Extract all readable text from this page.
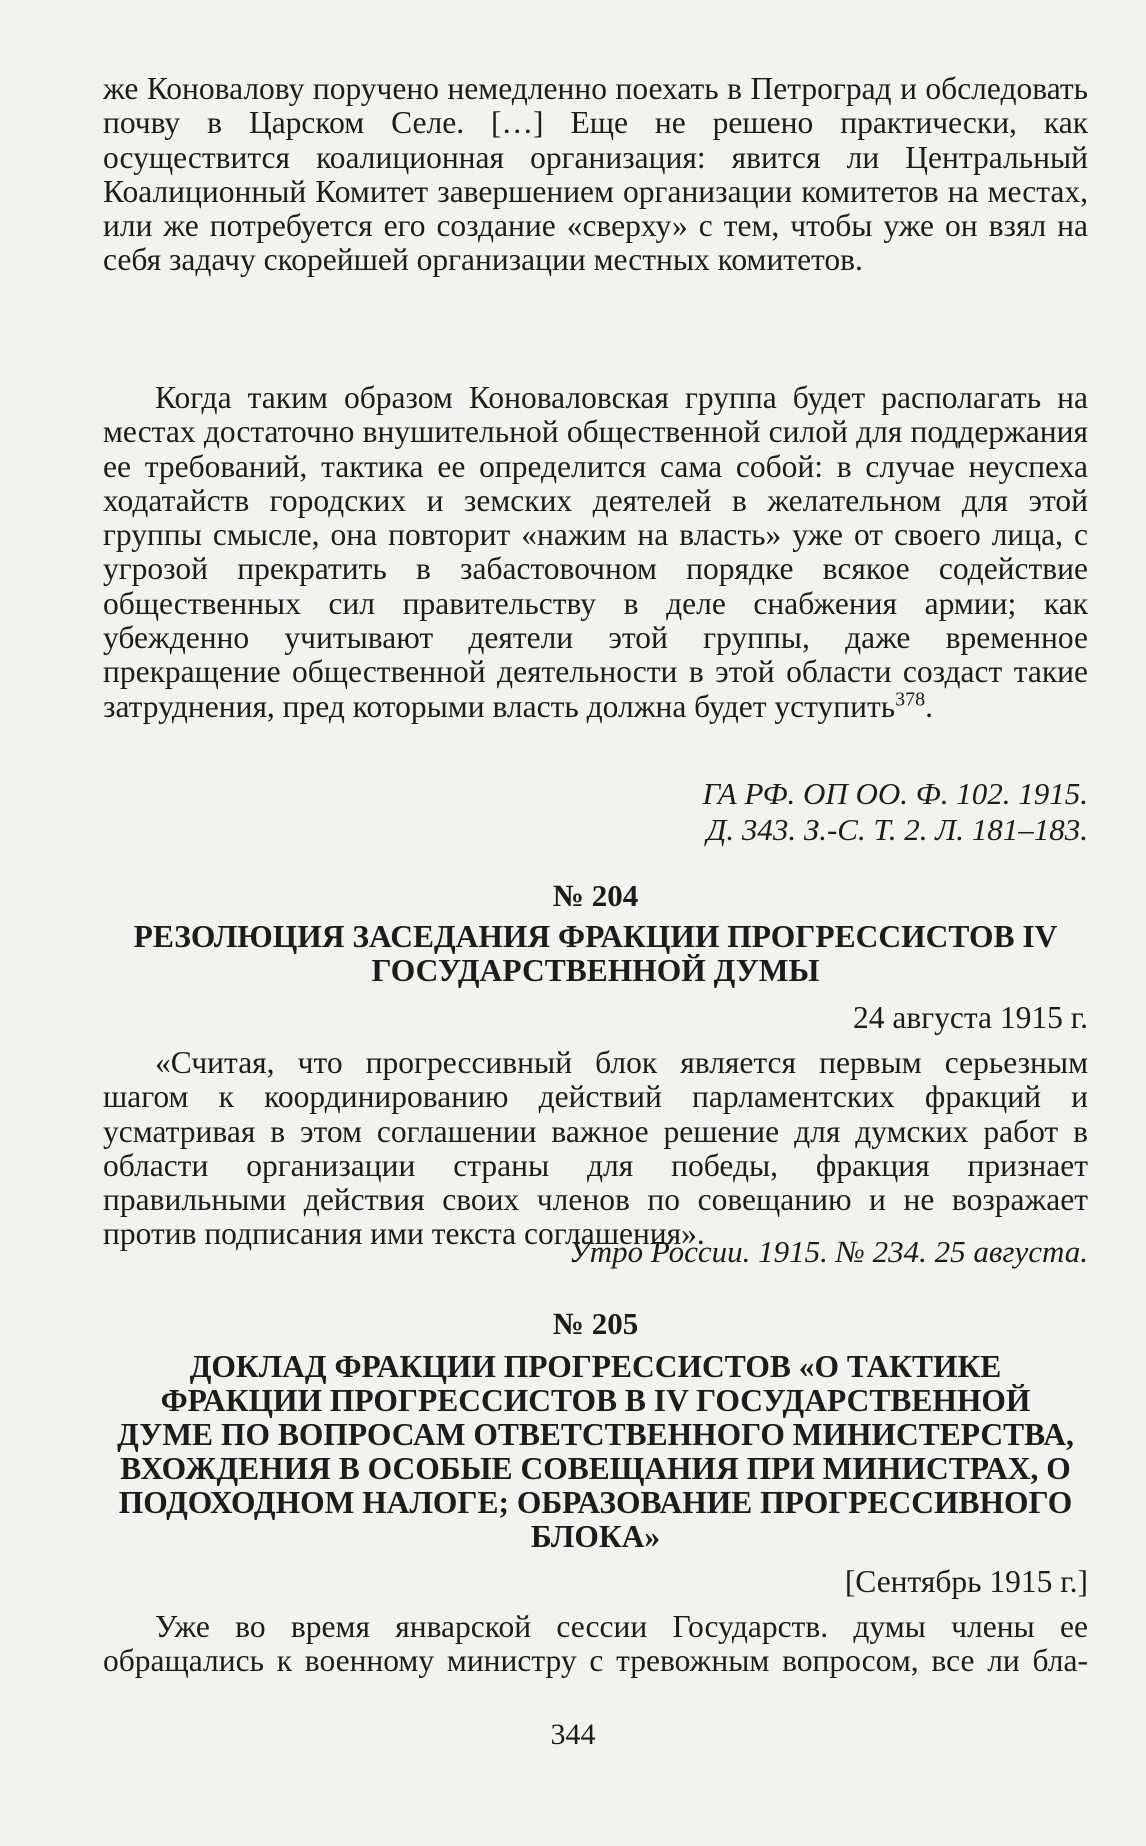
же Коновалову поручено немедленно поехать в Петроград и обследовать почву в Царском Селе. […] Еще не решено практически, как осуществится коалиционная организация: явится ли Центральный Коалиционный Комитет завершением организации комитетов на местах, или же потребуется его создание «сверху» с тем, чтобы уже он взял на себя задачу скорейшей организации местных комитетов.

Когда таким образом Коноваловская группа будет располагать на местах достаточно внушительной общественной силой для поддержания ее требований, тактика ее определится сама собой: в случае неуспеха ходатайств городских и земских деятелей в желательном для этой группы смысле, она повторит «нажим на власть» уже от своего лица, с угрозой прекратить в забастовочном порядке всякое содействие общественных сил правительству в деле снабжения армии; как убежденно учитывают деятели этой группы, даже временное прекращение общественной деятельности в этой области создаст такие затруднения, пред которыми власть должна будет уступить$^{378}$.

ГА РФ. ОП ОО. Ф. 102. 1915.

Д. 343. З.-С. Т. 2. Л. 181–183.

№ 204

РЕЗОЛЮЦИЯ ЗАСЕДАНИЯ ФРАКЦИИ ПРОГРЕССИСТОВ IV ГОСУДАРСТВЕННОЙ ДУМЫ

24 августа 1915 г.

«Считая, что прогрессивный блок является первым серьезным шагом к координированию действий парламентских фракций и усматривая в этом соглашении важное решение для думских работ в области организации страны для победы, фракция признает правильными действия своих членов по совещанию и не возражает против подписания ими текста соглашения».

Утро России. 1915. № 234. 25 августа.

№ 205

ДОКЛАД ФРАКЦИИ ПРОГРЕССИСТОВ «О ТАКТИКЕ ФРАКЦИИ ПРОГРЕССИСТОВ В IV ГОСУДАРСТВЕННОЙ ДУМЕ ПО ВОПРОСАМ ОТВЕТСТВЕННОГО МИНИСТЕРСТВА, ВХОЖДЕНИЯ В ОСОБЫЕ СОВЕЩАНИЯ ПРИ МИНИСТРАХ, О ПОДОХОДНОМ НАЛОГЕ; ОБРАЗОВАНИЕ ПРОГРЕССИВНОГО БЛОКА»

[Сентябрь 1915 г.]

Уже во время январской сессии Государств. думы члены ее обращались к военному министру с тревожным вопросом, все ли бла-

344
